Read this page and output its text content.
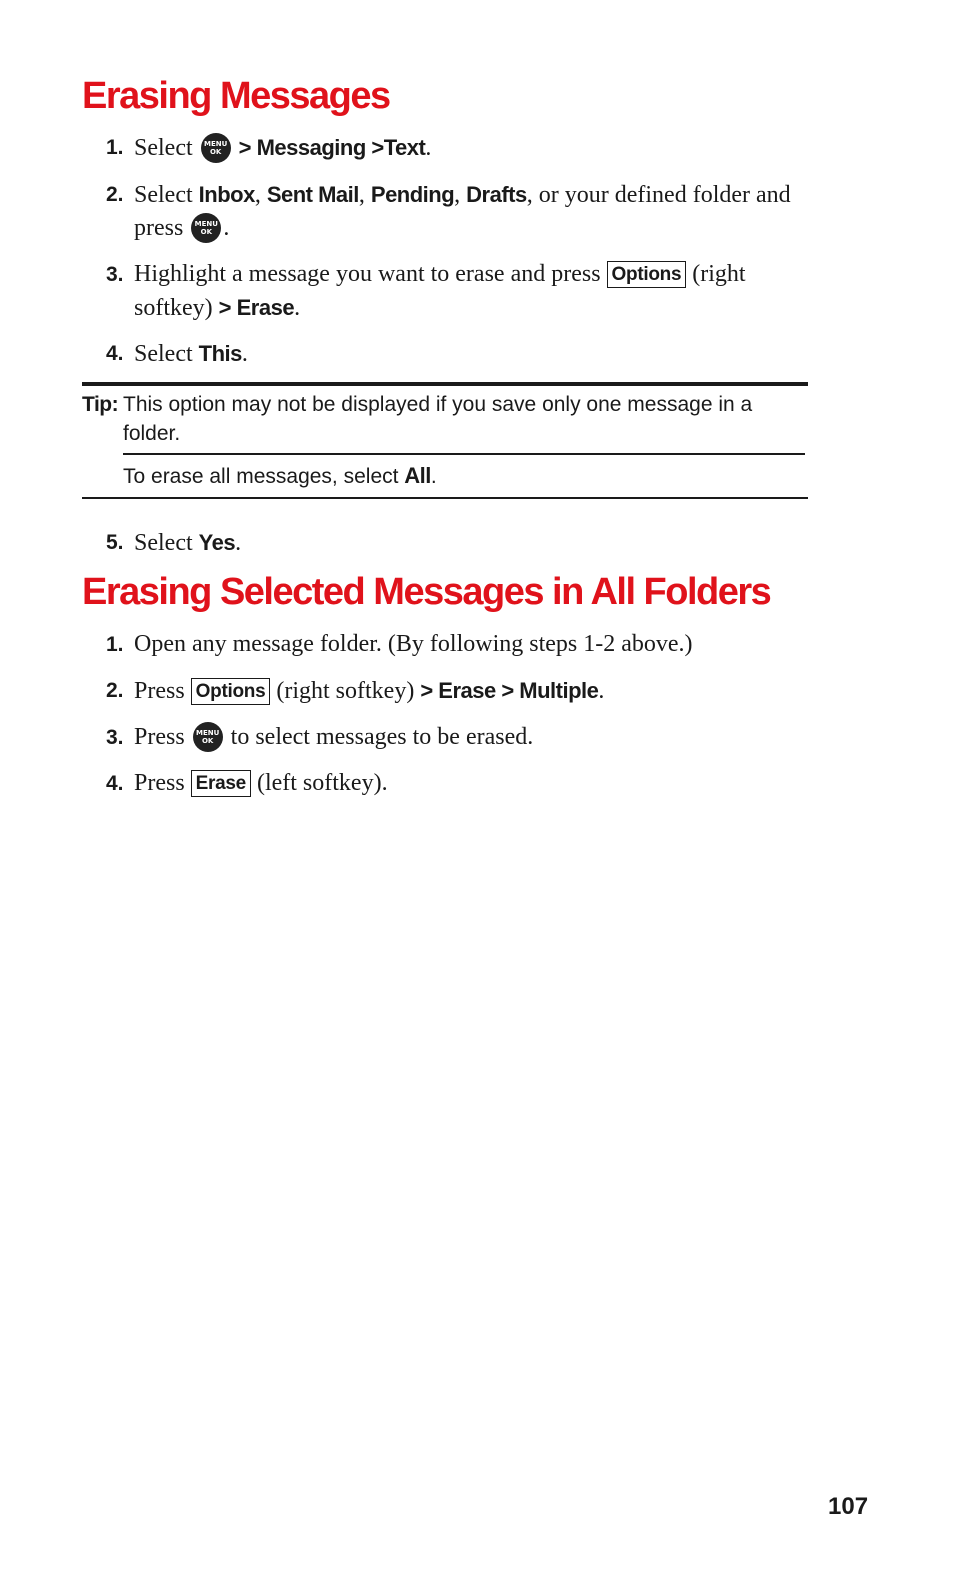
Erasing Messages
1. Select MENU OK > Messaging >Text.
2. Select Inbox, Sent Mail, Pending, Drafts, or your defined folder and press MENU OK.
3. Highlight a message you want to erase and press Options (right softkey) > Erase.
4. Select This.
Tip: This option may not be displayed if you save only one message in a folder.
To erase all messages, select All.
5. Select Yes.
Erasing Selected Messages in All Folders
1. Open any message folder. (By following steps 1-2 above.)
2. Press Options (right softkey) > Erase > Multiple.
3. Press MENU OK to select messages to be erased.
4. Press Erase (left softkey).
107
